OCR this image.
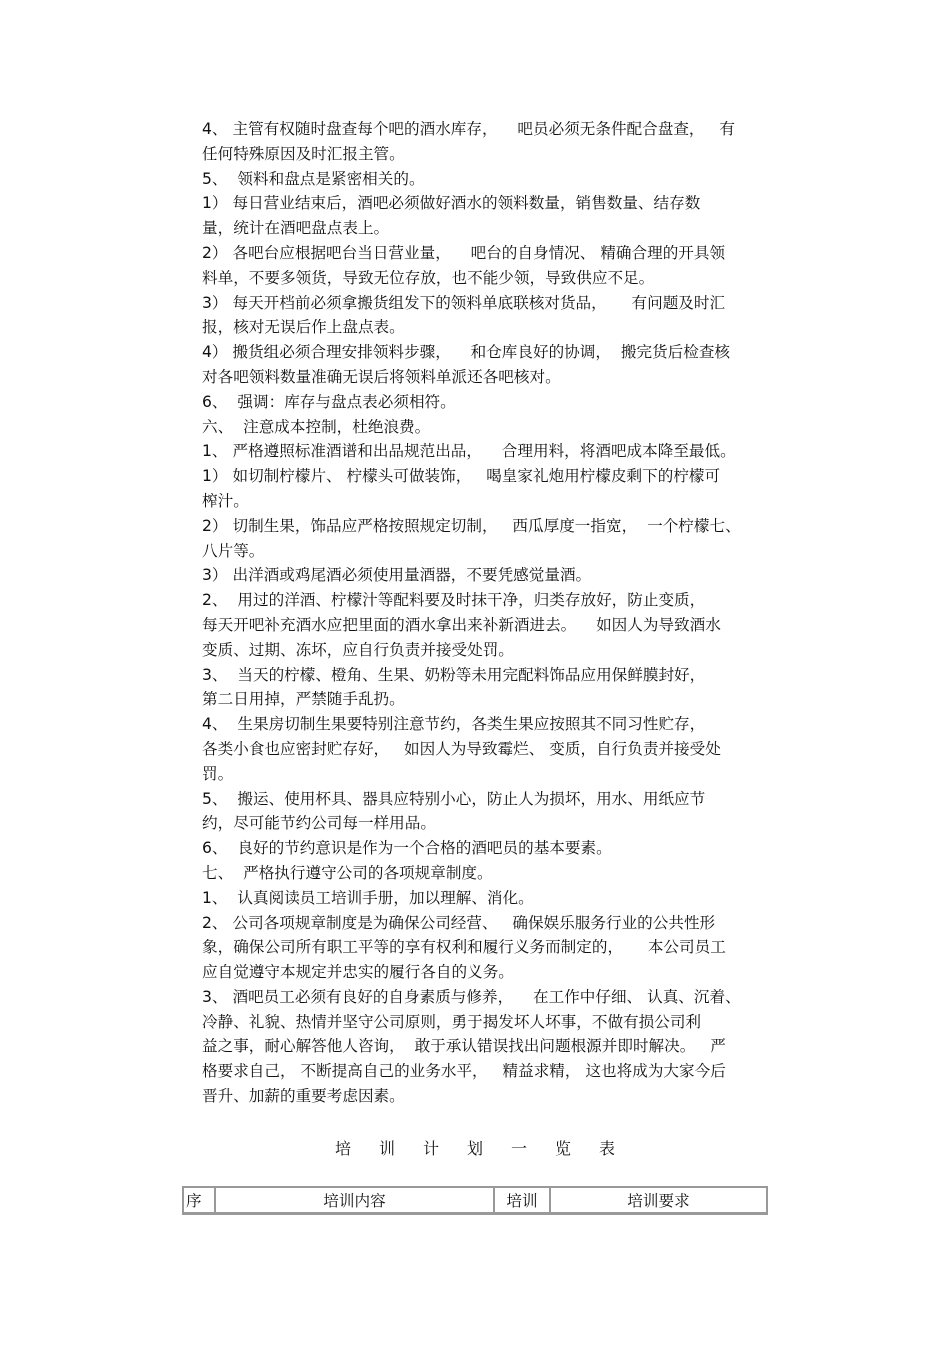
4、 主管有权随时盘查每个吧的酒水库存，    吧员必须无条件配合盘查，   有
任何特殊原因及时汇报主管。
5、  领料和盘点是紧密相关的。
1） 每日营业结束后，酒吧必须做好酒水的领料数量，销售数量、结存数
量，统计在酒吧盘点表上。
2） 各吧台应根据吧台当日营业量，    吧台的自身情况、 精确合理的开具领
料单，不要多领货，导致无位存放，也不能少领，导致供应不足。
3） 每天开档前必须拿搬货组发下的领料单底联核对货品，     有问题及时汇
报，核对无误后作上盘点表。
4） 搬货组必须合理安排领料步骤，    和仓库良好的协调，  搬完货后检查核
对各吧领料数量准确无误后将领料单派还各吧核对。
6、  强调：库存与盘点表必须相符。
六、  注意成本控制，杜绝浪费。
1、 严格遵照标准酒谱和出品规范出品，    合理用料，将酒吧成本降至最低。
1） 如切制柠檬片、 柠檬头可做装饰，   喝皇家礼炮用柠檬皮剩下的柠檬可
榨汁。
2） 切制生果，饰品应严格按照规定切制，   西瓜厚度一指宽，  一个柠檬七、
八片等。
3） 出洋酒或鸡尾酒必须使用量酒器，不要凭感觉量酒。
2、  用过的洋酒、柠檬汁等配料要及时抹干净，归类存放好，防止变质，
每天开吧补充酒水应把里面的酒水拿出来补新酒进去。    如因人为导致酒水
变质、过期、冻坏，应自行负责并接受处罚。
3、  当天的柠檬、橙角、生果、奶粉等未用完配料饰品应用保鲜膜封好，
第二日用掉，严禁随手乱扔。
4、  生果房切制生果要特别注意节约，各类生果应按照其不同习性贮存，
各类小食也应密封贮存好，   如因人为导致霉烂、 变质，自行负责并接受处
罚。
5、  搬运、使用杯具、器具应特别小心，防止人为损坏，用水、用纸应节
约，尽可能节约公司每一样用品。
6、  良好的节约意识是作为一个合格的酒吧员的基本要素。
七、  严格执行遵守公司的各项规章制度。
1、  认真阅读员工培训手册，加以理解、消化。
2、 公司各项规章制度是为确保公司经营、   确保娱乐服务行业的公共性形
象，确保公司所有职工平等的享有权利和履行义务而制定的，     本公司员工
应自觉遵守本规定并忠实的履行各自的义务。
3、 酒吧员工必须有良好的自身素质与修养，    在工作中仔细、 认真、沉着、
冷静、礼貌、热情并坚守公司原则，勇于揭发坏人坏事，不做有损公司利
益之事，耐心解答他人咨询，  敢于承认错误找出问题根源并即时解决。   严
格要求自己， 不断提高自己的业务水平，   精益求精， 这也将成为大家今后
晋升、加薪的重要考虑因素。
培 训 计 划 一 览 表
序	培训内容	培训	培训要求
